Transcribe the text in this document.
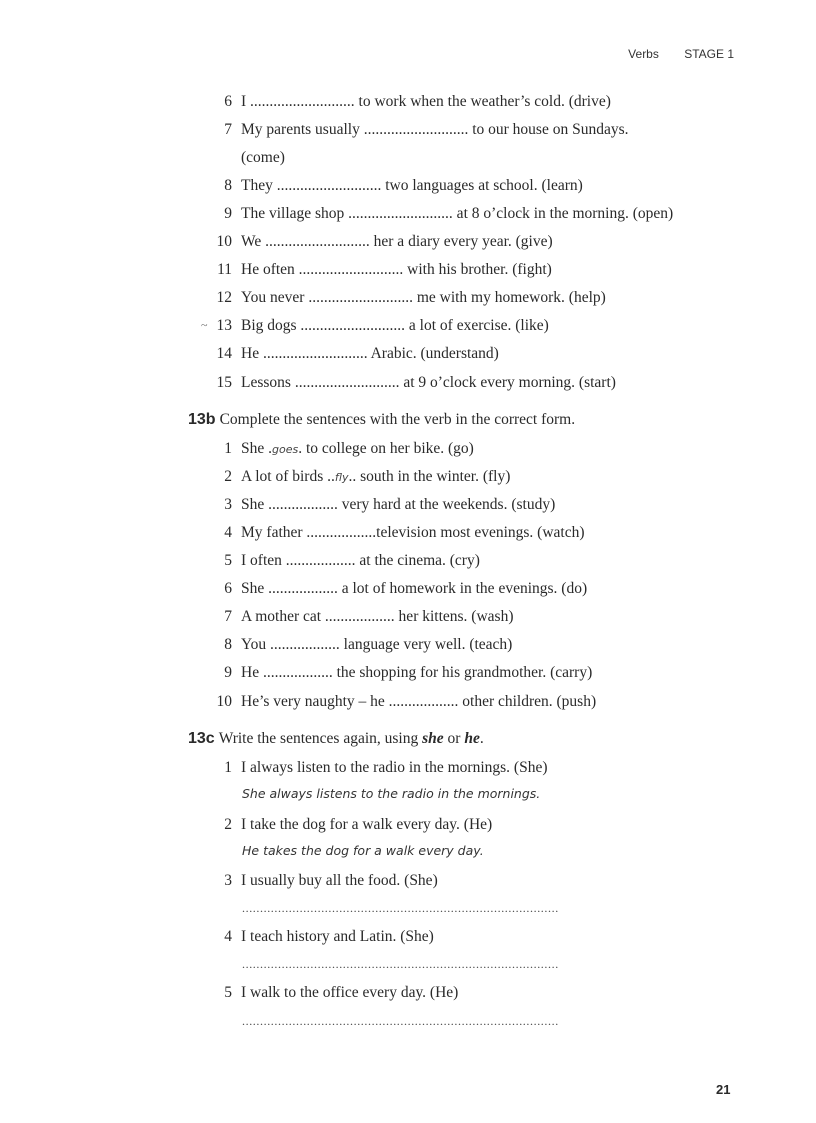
Verbs STAGE 1
6 I ........................... to work when the weather’s cold. (drive)
7 My parents usually ........................... to our house on Sundays.
(come)
8 They ........................... two languages at school. (learn)
9 The village shop ........................... at 8 o’clock in the morning. (open)
10 We ........................... her a diary every year. (give)
11 He often ........................... with his brother. (fight)
12 You never ........................... me with my homework. (help)
~ 13 Big dogs ........................... a lot of exercise. (like)
14 He ........................... Arabic. (understand)
15 Lessons ........................... at 9 o’clock every morning. (start)
13b Complete the sentences with the verb in the correct form.
1 She .goes. to college on her bike. (go)
2 A lot of birds ..fly.. south in the winter. (fly)
3 She .................. very hard at the weekends. (study)
4 My father ..................television most evenings. (watch)
5 I often .................. at the cinema. (cry)
6 She .................. a lot of homework in the evenings. (do)
7 A mother cat .................. her kittens. (wash)
8 You .................. language very well. (teach)
9 He .................. the shopping for his grandmother. (carry)
10 He’s very naughty – he .................. other children. (push)
13c Write the sentences again, using she or he.
1 I always listen to the radio in the mornings. (She)
She always listens to the radio in the mornings.
2 I take the dog for a walk every day. (He)
He takes the dog for a walk every day.
3 I usually buy all the food. (She)
........................................................................................
4 I teach history and Latin. (She)
........................................................................................
5 I walk to the office every day. (He)
........................................................................................
21
